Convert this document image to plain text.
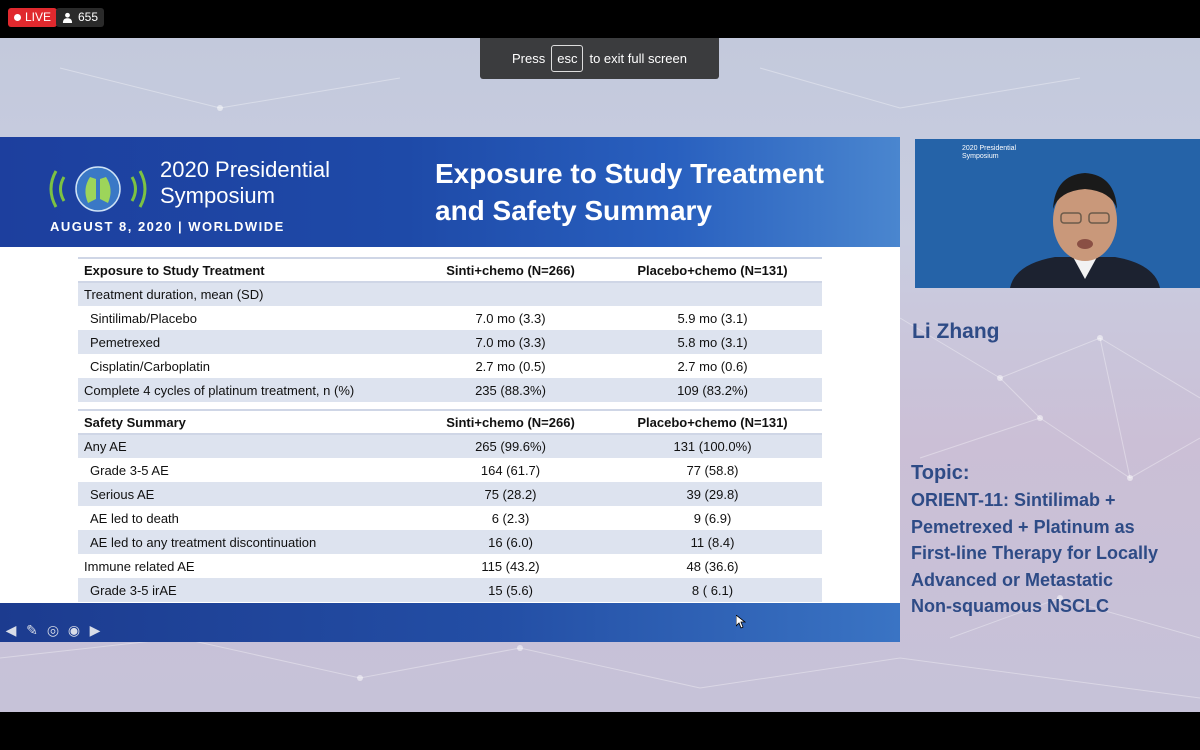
LIVE 655
Press esc to exit full screen
2020 Presidential
Symposium
AUGUST 8, 2020 | WORLDWIDE
Exposure to Study Treatment
and Safety Summary
Exposure to Study Treatment	Sinti+chemo (N=266)	Placebo+chemo (N=131)
Treatment duration, mean (SD)		
Sintilimab/Placebo	7.0 mo (3.3)	5.9 mo (3.1)
Pemetrexed	7.0 mo (3.3)	5.8 mo (3.1)
Cisplatin/Carboplatin	2.7 mo (0.5)	2.7 mo (0.6)
Complete 4 cycles of platinum treatment, n (%)	235 (88.3%)	109 (83.2%)
Safety Summary	Sinti+chemo (N=266)	Placebo+chemo (N=131)
Any AE	265 (99.6%)	131 (100.0%)
Grade 3-5 AE	164 (61.7)	77 (58.8)
Serious AE	75 (28.2)	39 (29.8)
AE led to death	6 (2.3)	9 (6.9)
AE led to any treatment discontinuation	16 (6.0)	11 (8.4)
Immune related AE	115 (43.2)	48 (36.6)
Grade 3-5 irAE	15 (5.6)	8 ( 6.1)
◀ ✎ ◎ ◉ ▶
2020 Presidential
Symposium
Li Zhang
Topic:
ORIENT-11: Sintilimab +
Pemetrexed + Platinum as
First-line Therapy for Locally
Advanced or Metastatic
Non-squamous NSCLC
